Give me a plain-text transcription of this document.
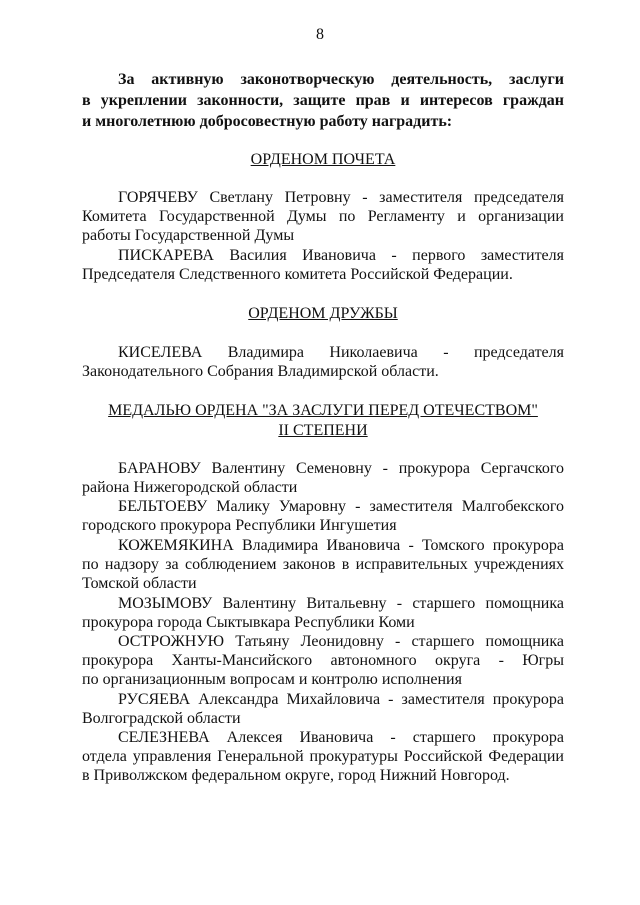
8
За активную законотворческую деятельность, заслуги
в укреплении законности, защите прав и интересов граждан
и многолетнюю добросовестную работу наградить:
ОРДЕНОМ ПОЧЕТА
ГОРЯЧЕВУ Светлану Петровну - заместителя председателя
Комитета Государственной Думы по Регламенту и организации
работы Государственной Думы
ПИСКАРЕВА Василия Ивановича - первого заместителя
Председателя Следственного комитета Российской Федерации.
ОРДЕНОМ ДРУЖБЫ
КИСЕЛЕВА Владимира Николаевича - председателя
Законодательного Собрания Владимирской области.
МЕДАЛЬЮ ОРДЕНА "ЗА ЗАСЛУГИ ПЕРЕД ОТЕЧЕСТВОМ"
II СТЕПЕНИ
БАРАНОВУ Валентину Семеновну - прокурора Сергачского
района Нижегородской области
БЕЛЬТОЕВУ Малику Умаровну - заместителя Малгобекского
городского прокурора Республики Ингушетия
КОЖЕМЯКИНА Владимира Ивановича - Томского прокурора
по надзору за соблюдением законов в исправительных учреждениях
Томской области
МОЗЫМОВУ Валентину Витальевну - старшего помощника
прокурора города Сыктывкара Республики Коми
ОСТРОЖНУЮ Татьяну Леонидовну - старшего помощника
прокурора Ханты-Мансийского автономного округа - Югры
по организационным вопросам и контролю исполнения
РУСЯЕВА Александра Михайловича - заместителя прокурора
Волгоградской области
СЕЛЕЗНЕВА Алексея Ивановича - старшего прокурора
отдела управления Генеральной прокуратуры Российской Федерации
в Приволжском федеральном округе, город Нижний Новгород.
